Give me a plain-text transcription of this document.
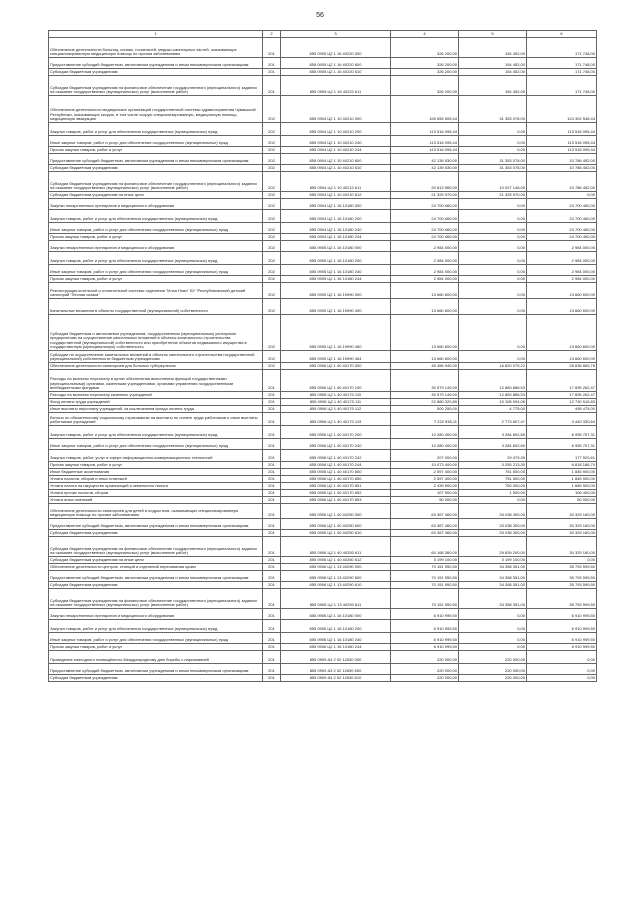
56
1	2	3	4	5	6
Обеспечение деятельности больниц, клиник, госпиталей, медико-санитарных частей, оказывающих специализированную медицинскую помощь по прочим заболеваниям	201	855 0905 Ц2 1 16 40220 000	326 200,00	154 452,00	171 748,00
Предоставление субсидий бюджетным, автономным учреждениям и иным некоммерческим организациям	201	855 0905 Ц2 1 16 40220 600	326 200,00	154 452,00	171 748,00
Субсидии бюджетным учреждениям	201	855 0905 Ц2 1 16 40220 610	326 200,00	154 452,00	171 748,00
Субсидии бюджетным учреждениям на финансовое обеспечение государственного (муниципального) задания на оказание государственных (муниципальных) услуг (выполнение работ)	201	855 0905 Ц2 1 16 40220 611	326 200,00	154 452,00	171 748,00
Обеспечение деятельности медицинских организаций государственной системы здравоохранения Чувашской Республики, оказывающих скорую, в том числе скорую специализированную, медицинскую помощь, медицинскую эвакуацию	202	855 0904 Ц2 1 10 40210 000	155 655 505,44	31 353 078,00	124 302 548,44
Закупка товаров, работ и услуг для обеспечения государственных (муниципальных) нужд	202	855 0904 Ц2 1 10 40210 200	113 516 095,44	0,00	113 516 095,44
Иные закупки товаров, работ и услуг для обеспечения государственных (муниципальных) нужд	202	855 0904 Ц2 1 10 40210 240	113 516 095,44	0,00	113 516 095,44
Прочая закупка товаров, работ и услуг	202	855 0904 Ц2 1 10 40210 244	113 516 095,44	0,00	113 516 095,44
Предоставление субсидий бюджетным, автономным учреждениям и иным некоммерческим организациям	202	855 0904 Ц2 1 10 40210 600	42 139 530,00	31 353 078,00	10 786 452,00
Субсидии бюджетным учреждениям	202	855 0904 Ц2 1 10 40210 610	42 139 530,00	31 353 078,00	10 786 452,00
Субсидии бюджетным учреждениям на финансовое обеспечение государственного (муниципального) задания на оказание государственных (муниципальных) услуг (выполнение работ)	202	855 0904 Ц2 1 10 40210 611	20 813 560,00	10 027 148,00	10 786 452,00
Субсидии бюджетным учреждениям на иные цели	202	855 0904 Ц2 1 10 40210 612	21 325 970,00	21 325 970,00	0,00
Закупки лекарственных препаратов и медицинского оборудования	202	855 0904 Ц2 1 16 10180 000	24 700 460,00	0,00	24 700 460,00
Закупка товаров, работ и услуг для обеспечения государственных (муниципальных) нужд	202	855 0904 Ц2 1 16 10180 200	24 700 460,00	0,00	24 700 460,00
Иные закупки товаров, работ и услуг для обеспечения государственных (муниципальных) нужд	202	855 0904 Ц2 1 16 10180 240	24 700 460,00	0,00	24 700 460,00
Прочая закупка товаров, работ и услуг	202	855 0904 Ц2 1 16 10180 244	24 700 460,00	0,00	24 700 460,00
Закупки лекарственных препаратов и медицинского оборудования	202	855 0905 Ц2 1 16 10180 000	2 984 000,00	0,00	2 984 000,00
Закупка товаров, работ и услуг для обеспечения государственных (муниципальных) нужд	202	855 0905 Ц2 1 16 10180 200	2 984 000,00	0,00	2 984 000,00
Иные закупки товаров, работ и услуг для обеспечения государственных (муниципальных) нужд	202	855 0905 Ц2 1 16 10180 240	2 984 000,00	0,00	2 984 000,00
Прочая закупка товаров, работ и услуг	202	855 0905 Ц2 1 16 10180 244	2 984 000,00	0,00	2 984 000,00
Реконструкция котельной и отопительной системы отделения "Илья Ново" БУ "Республиканский детский санаторий "Лесная сказка"	202	855 0905 Ц2 1 16 19990 000	13 660 600,00	0,00	13 660 600,00
Капитальные вложения в объекты государственной (муниципальной) собственности	202	855 0905 Ц2 1 16 19990 400	13 660 600,00	0,00	13 660 600,00
Субсидии бюджетным и автономным учреждениям, государственным (муниципальным) унитарным предприятиям на осуществление капитальных вложений в объекты капитального строительства государственной (муниципальной) собственности или приобретение объектов недвижимого имущества в государственную (муниципальную) собственность	202	855 0905 Ц2 1 16 19990 460	13 660 600,00	0,00	13 660 600,00
Субсидии на осуществление капитальных вложений в объекты капитального строительства государственной (муниципальной) собственности бюджетным учреждениям	202	855 0905 Ц2 1 16 19990 464	13 660 600,00	0,00	13 660 600,00
Обеспечение деятельности санаториев для больных туберкулезом	202	855 0906 Ц2 1 40 40170 000	45 456 949,00	16 820 079,22	28 636 869,78
Расходы на выплаты персоналу в целях обеспечения выполнения функций государственными (муниципальными) органами, казенными учреждениями, органами управления государственными внебюджетными фондами	201	855 0906 Ц2 1 40 40170 100	30 579 149,00	12 883 886,53	17 695 262,47
Расходы на выплаты персоналу казенных учреждений	201	855 0906 Ц2 1 40 40170 110	30 579 149,00	12 883 886,53	17 695 262,47
Фонд оплаты труда учреждений	201	855 0906 Ц2 1 40 40170 111	22 880 320,89	10 105 004,06	12 730 516,83
Иные выплаты персоналу учреждений, за исключением фонда оплаты труда	201	855 0906 Ц2 1 40 40170 112	500 250,00	4 775,00	495 475,00
Взносы по обязательному социальному страхованию на выплаты по оплате труда работников и иные выплаты работникам учреждений	201	855 0906 Ц2 1 40 40170 119	7 222 938,11	2 773 607,47	4 449 330,64
Закупка товаров, работ и услуг для обеспечения государственных (муниципальных) нужд	201	855 0906 Ц2 1 40 40170 200	10 280 400,00	3 284 692,69	6 995 707,31
Иные закупки товаров, работ и услуг для обеспечения государственных (муниципальных) нужд	201	855 0906 Ц2 1 40 40170 240	10 280 400,00	3 284 692,69	6 995 707,31
Закупка товаров, работ, услуг в сфере информационно-коммуникационных технологий	201	855 0906 Ц2 1 40 40170 242	207 000,00	29 479,39	177 520,61
Прочая закупка товаров, работ и услуг	201	855 0906 Ц2 1 40 40170 244	10 073 400,00	3 255 213,30	6 818 186,70
Иные бюджетные ассигнования	201	855 0906 Ц2 1 40 40170 800	2 597 400,00	751 500,00	1 845 900,00
Уплата налогов, сборов и иных платежей	201	855 0906 Ц2 1 40 40170 850	2 597 400,00	751 500,00	1 845 900,00
Уплата налога на имущество организаций и земельного налога	201	855 0906 Ц2 1 40 40170 851	2 439 500,00	750 000,00	1 689 500,00
Уплата прочих налогов, сборов	201	855 0906 Ц2 1 40 40170 852	107 900,00	1 500,00	106 400,00
Уплата иных платежей	201	855 0906 Ц2 1 40 40170 853	50 000,00	0,00	50 000,00
Обеспечение деятельности санаториев для детей и подростков, оказывающих специализированную медицинскую помощь по прочим заболеваниям	201	855 0906 Ц2 1 40 40250 000	63 367 460,00	33 038 300,00	30 329 160,00
Предоставление субсидий бюджетным, автономным учреждениям и иным некоммерческим организациям	201	855 0906 Ц2 1 40 40250 600	63 367 460,00	33 038 300,00	30 329 160,00
Субсидии бюджетным учреждениям	201	855 0906 Ц2 1 40 40250 610	63 367 460,00	33 038 300,00	30 329 160,00
Субсидии бюджетным учреждениям на финансовое обеспечение государственного (муниципального) задания на оказание государственных (муниципальных) услуг (выполнение работ)	201	855 0906 Ц2 1 40 40250 611	60 168 360,00	29 839 200,00	30 329 160,00
Субсидии бюджетным учреждениям на иные цели	201	855 0906 Ц2 1 40 40250 612	3 199 100,00	3 199 100,00	0,00
Обеспечение деятельности центров, станций и отделений переливания крови	201	855 0906 Ц2 1 13 40290 000	70 151 950,50	34 358 351,00	35 793 599,50
Предоставление субсидий бюджетным, автономным учреждениям и иным некоммерческим организациям	201	855 0906 Ц2 1 13 40290 600	70 151 950,50	34 358 351,00	35 793 599,50
Субсидии бюджетным учреждениям	201	855 0906 Ц2 1 13 40290 610	70 151 950,50	34 358 351,00	35 793 599,50
Субсидии бюджетным учреждениям на финансовое обеспечение государственного (муниципального) задания на оказание государственных (муниципальных) услуг (выполнение работ)	201	855 0906 Ц2 1 13 40290 611	70 151 950,50	34 358 351,00	35 793 599,50
Закупки лекарственных препаратов и медицинского оборудования	201	855 0906 Ц2 1 16 10180 000	6 910 999,50	0,00	6 910 999,50
Закупка товаров, работ и услуг для обеспечения государственных (муниципальных) нужд	201	855 0906 Ц2 1 16 10180 200	6 910 999,50	0,00	6 910 999,50
Иные закупки товаров, работ и услуг для обеспечения государственных (муниципальных) нужд	201	855 0906 Ц2 1 16 10180 240	6 910 999,50	0,00	6 910 999,50
Прочая закупка товаров, работ и услуг	201	855 0906 Ц2 1 16 10180 244	6 910 999,50	0,00	6 910 999,50
Проведение ежегодного посвящённого Международному дню борьбы с наркоманией	201	855 0909 А3 2 02 12630 000	220 000,00	220 000,00	0,00
Предоставление субсидий бюджетным, автономным учреждениям и иным некоммерческим организациям	201	855 0909 А3 2 02 12630 600	220 000,00	220 000,00	0,00
Субсидии бюджетным учреждениям	201	855 0909 А3 2 02 12630 610	220 000,00	220 000,00	0,00
